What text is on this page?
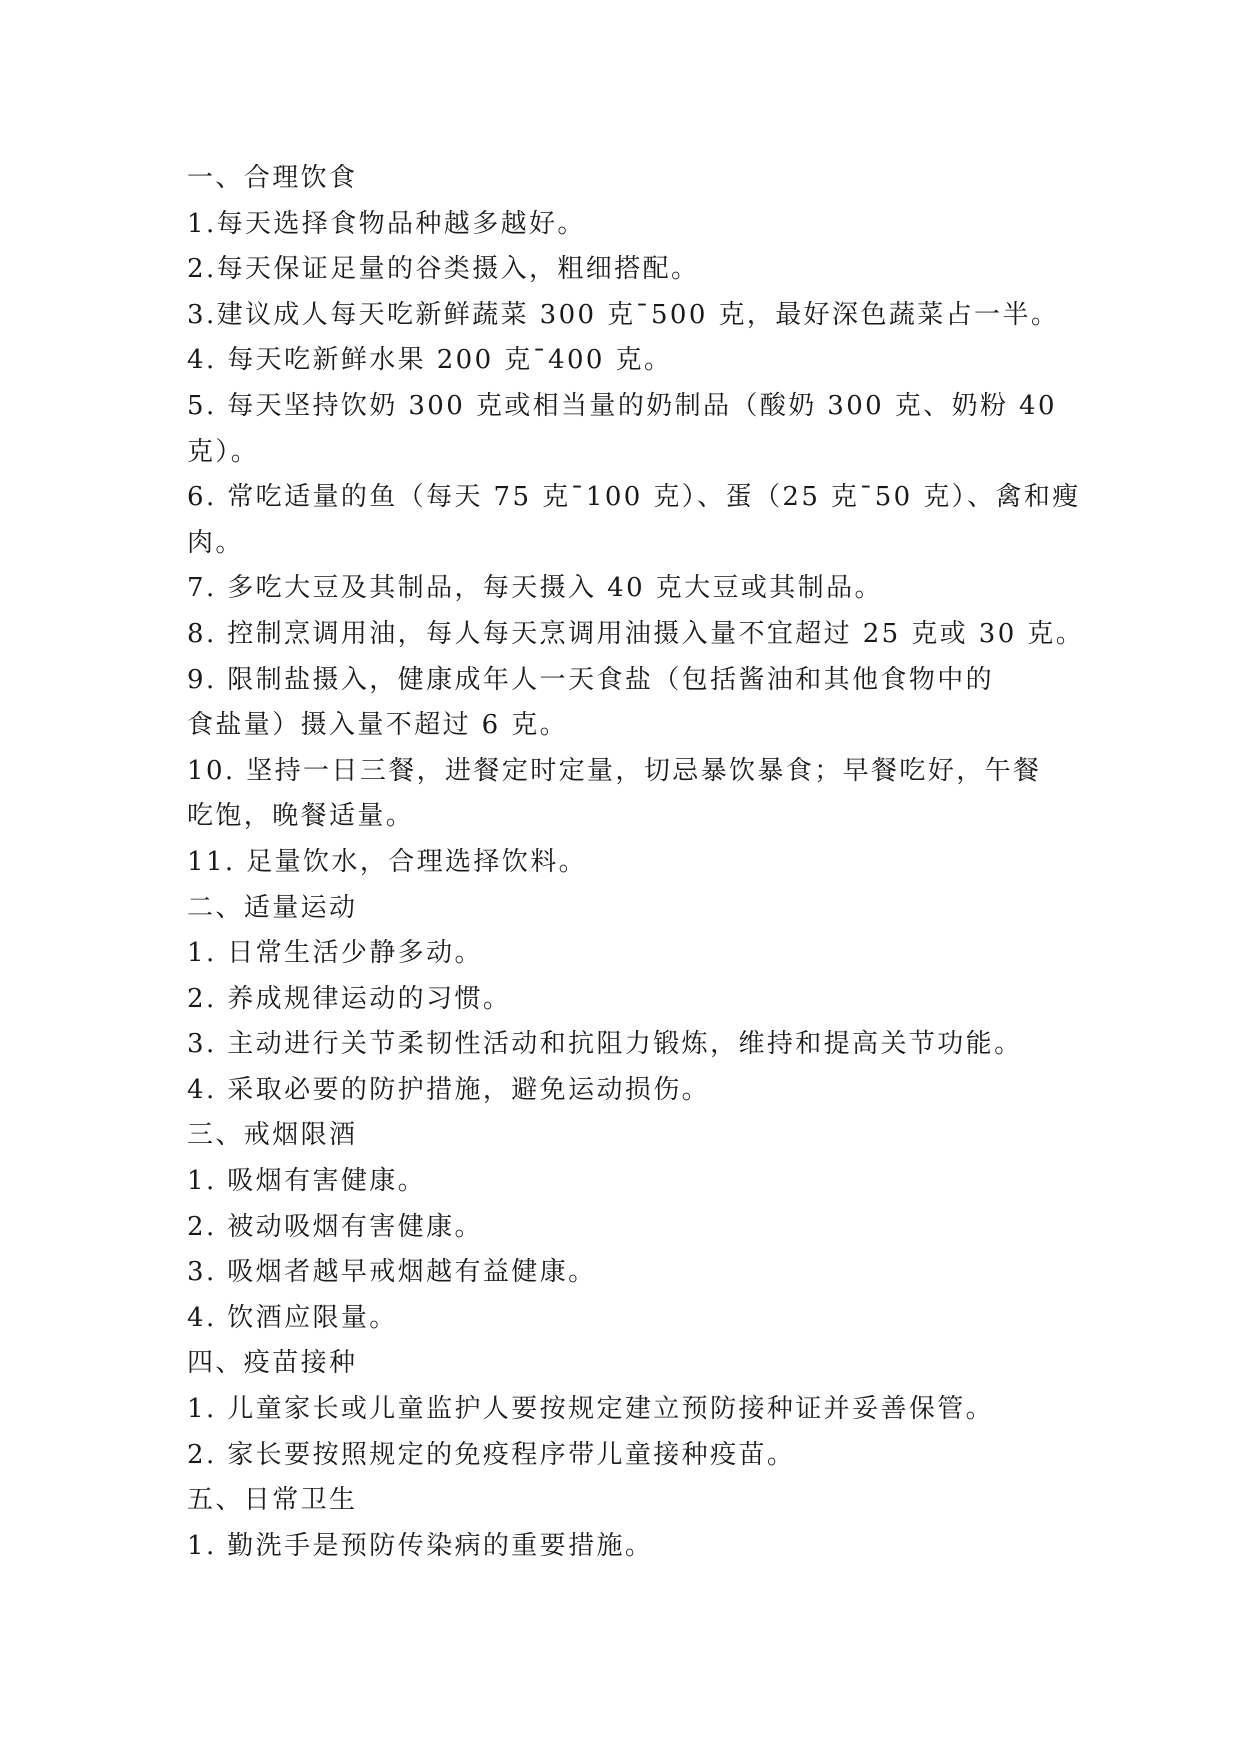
一、合理饮食
1.每天选择食物品种越多越好。
2.每天保证足量的谷类摄入，粗细搭配。
3.建议成人每天吃新鲜蔬菜 300 克¯500 克，最好深色蔬菜占一半。
4. 每天吃新鲜水果 200 克¯400 克。
5. 每天坚持饮奶 300 克或相当量的奶制品（酸奶 300 克、奶粉 40
克）。
6. 常吃适量的鱼（每天 75 克¯100 克）、蛋（25 克¯50 克）、禽和瘦
肉。
7. 多吃大豆及其制品，每天摄入 40 克大豆或其制品。
8. 控制烹调用油，每人每天烹调用油摄入量不宜超过 25 克或 30 克。
9. 限制盐摄入，健康成年人一天食盐（包括酱油和其他食物中的
食盐量）摄入量不超过 6 克。
10. 坚持一日三餐，进餐定时定量，切忌暴饮暴食；早餐吃好，午餐
吃饱，晚餐适量。
11. 足量饮水，合理选择饮料。
二、适量运动
1. 日常生活少静多动。
2. 养成规律运动的习惯。
3. 主动进行关节柔韧性活动和抗阻力锻炼，维持和提高关节功能。
4. 采取必要的防护措施，避免运动损伤。
三、戒烟限酒
1. 吸烟有害健康。
2. 被动吸烟有害健康。
3. 吸烟者越早戒烟越有益健康。
4. 饮酒应限量。
四、疫苗接种
1. 儿童家长或儿童监护人要按规定建立预防接种证并妥善保管。
2. 家长要按照规定的免疫程序带儿童接种疫苗。
五、日常卫生
1. 勤洗手是预防传染病的重要措施。
